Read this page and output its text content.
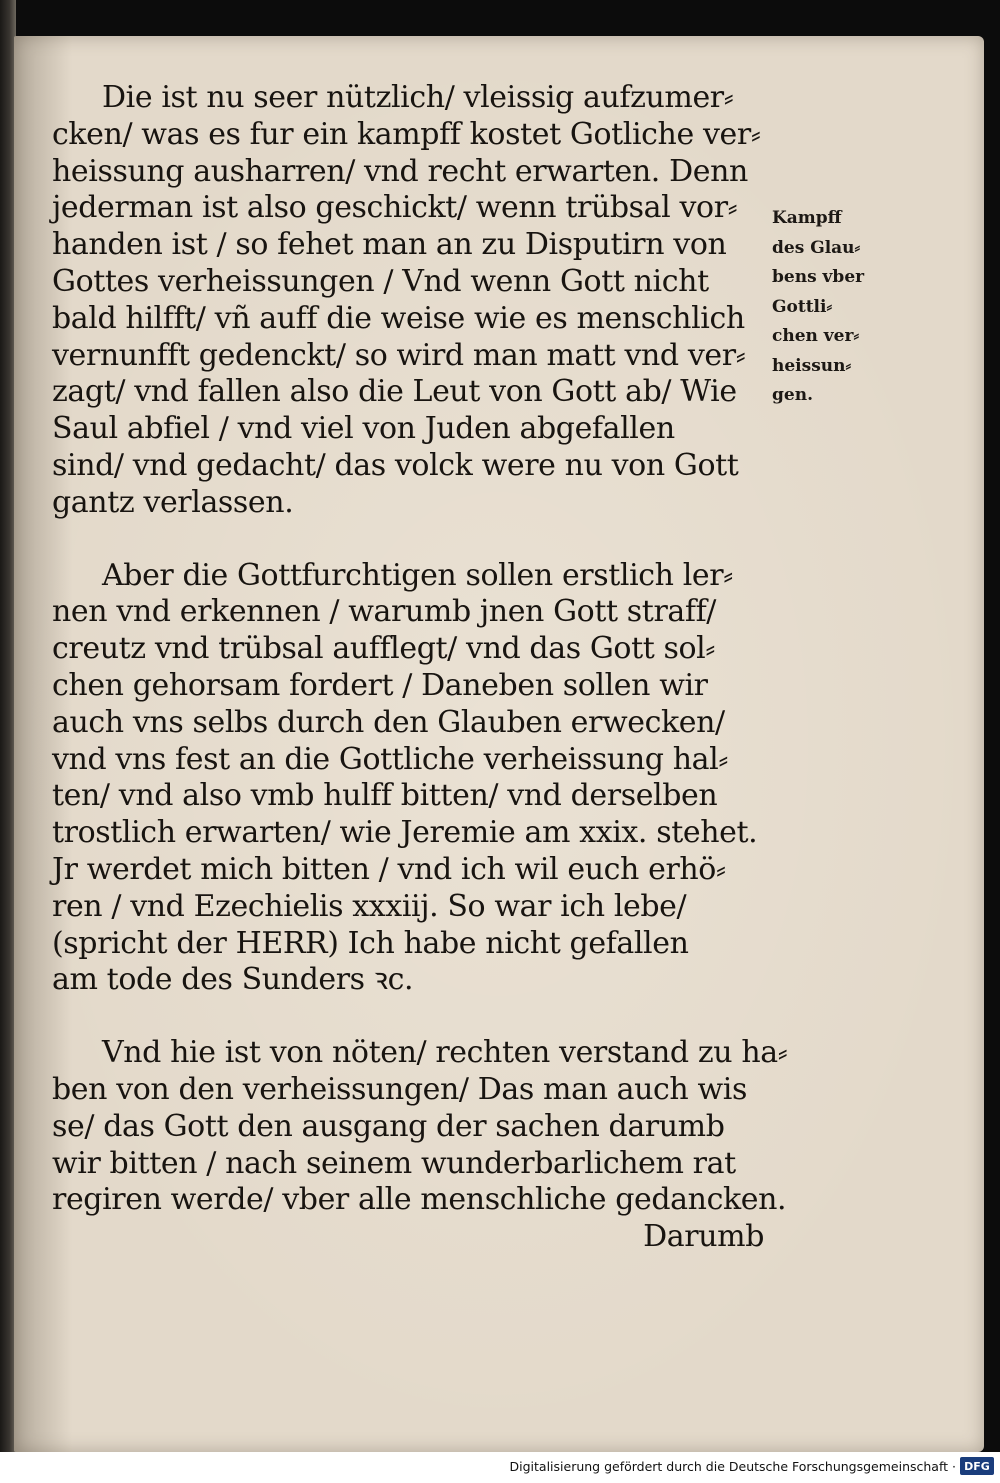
Die ist nu seer nützlich/ vleissig aufzumer⸗
cken/ was es fur ein kampff kostet Gotliche ver⸗
heissung ausharren/ vnd recht erwarten. Denn
jederman ist also geschickt/ wenn trübsal vor⸗
handen ist / so fehet man an zu Disputirn von
Gottes verheissungen / Vnd wenn Gott nicht
bald hilfft/ vñ auff die weise wie es menschlich
vernunfft gedenckt/ so wird man matt vnd ver⸗
zagt/ vnd fallen also die Leut von Gott ab/ Wie
Saul abfiel / vnd viel von Juden abgefallen
sind/ vnd gedacht/ das volck were nu von Gott
gantz verlassen.

Aber die Gottfurchtigen sollen erstlich ler⸗
nen vnd erkennen / warumb jnen Gott straff/
creutz vnd trübsal aufflegt/ vnd das Gott sol⸗
chen gehorsam fordert / Daneben sollen wir
auch vns selbs durch den Glauben erwecken/
vnd vns fest an die Gottliche verheissung hal⸗
ten/ vnd also vmb hulff bitten/ vnd derselben
trostlich erwarten/ wie Jeremie am xxix. stehet.
Jr werdet mich bitten / vnd ich wil euch erhö⸗
ren / vnd Ezechielis xxxiij. So war ich lebe/
(spricht der HERR) Ich habe nicht gefallen
am tode des Sunders ꝛc.

Vnd hie ist von nöten/ rechten verstand zu ha⸗
ben von den verheissungen/ Das man auch wis
se/ das Gott den ausgang der sachen darumb
wir bitten / nach seinem wunderbarlichem rat
regiren werde/ vber alle menschliche gedancken.
Darumb

Kampff
des Glau⸗
bens vber
Gottli⸗
chen ver⸗
heissun⸗
gen.
Digitalisierung gefördert durch die Deutsche Forschungsgemeinschaft · DFG
